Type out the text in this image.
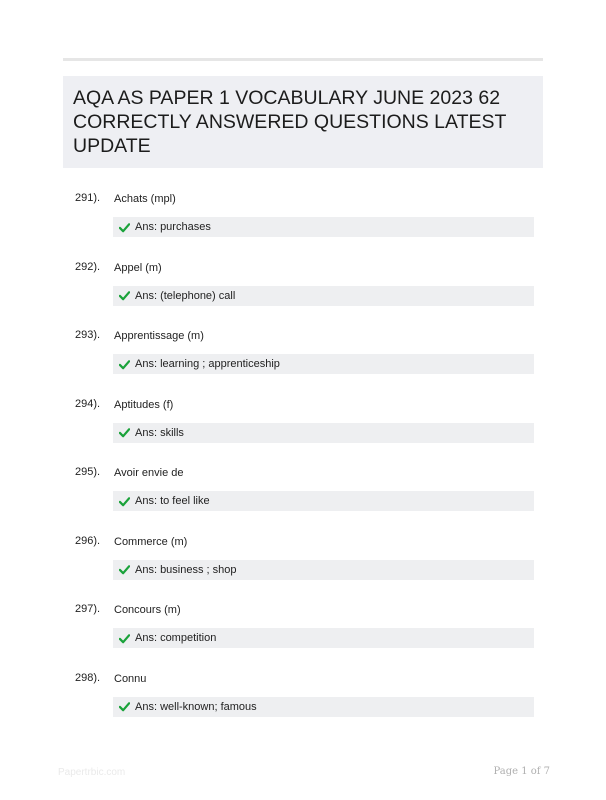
AQA AS PAPER 1 VOCABULARY JUNE 2023 62
CORRECTLY ANSWERED QUESTIONS LATEST
UPDATE
291). Achats (mpl)
Ans: purchases
292). Appel (m)
Ans: (telephone) call
293). Apprentissage (m)
Ans: learning ; apprenticeship
294). Aptitudes (f)
Ans: skills
295). Avoir envie de
Ans: to feel like
296). Commerce (m)
Ans: business ; shop
297). Concours (m)
Ans: competition
298). Connu
Ans: well-known; famous
Papertrbic.com	Page 1 of 7
